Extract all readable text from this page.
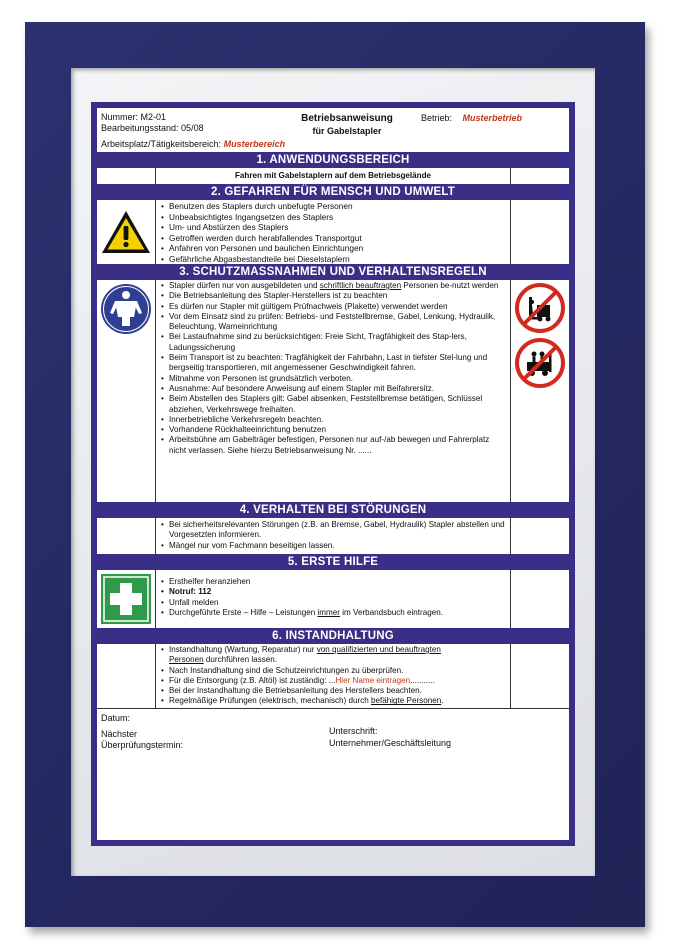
Nummer: M2-01
Bearbeitungsstand: 05/08
Betriebsanweisung
für Gabelstapler
Betrieb: Musterbetrieb
Arbeitsplatz/Tätigkeitsbereich: Musterbereich
1. ANWENDUNGSBEREICH
Fahren mit Gabelstaplern auf dem Betriebsgelände
2. GEFAHREN FÜR MENSCH UND UMWELT
• Benutzen des Staplers durch unbefugte Personen
• Unbeabsichtigtes Ingangsetzen des Staplers
• Um- und Abstürzen des Staplers
• Getroffen werden durch herabfallendes Transportgut
• Anfahren von Personen und baulichen Einrichtungen
• Gefährliche Abgasbestandteile bei Dieselstaplern
3. SCHUTZMASSNAHMEN UND VERHALTENSREGELN
• Stapler dürfen nur von ausgebildeten und schriftlich beauftragten Personen be-nutzt werden
• Die Betriebsanleitung des Stapler-Herstellers ist zu beachten
• Es dürfen nur Stapler mit gültigem Prüfnachweis (Plakette) verwendet werden
• Vor dem Einsatz sind zu prüfen: Betriebs- und Feststellbremse, Gabel, Lenkung, Hydraulik, Beleuchtung, Warneinrichtung
• Bei Lastaufnahme sind zu berücksichtigen: Freie Sicht, Tragfähigkeit des Stap-lers, Ladungssicherung
• Beim Transport ist zu beachten: Tragfähigkeit der Fahrbahn, Last in tiefster Stel-lung und bergseitig transportieren, mit angemessener Geschwindigkeit fahren.
• Mitnahme von Personen ist grundsätzlich verboten.
• Ausnahme: Auf besondere Anweisung auf einem Stapler mit Beifahrersitz.
• Beim Abstellen des Staplers gilt: Gabel absenken, Feststellbremse betätigen, Schlüssel abziehen, Verkehrswege freihalten.
• Innerbetriebliche Verkehrsregeln beachten.
• Vorhandene Rückhalteeinrichtung benutzen
• Arbeitsbühne am Gabelträger befestigen, Personen nur auf-/ab bewegen und Fahrerplatz nicht verlassen. Siehe hierzu Betriebsanweisung Nr. ......
4. VERHALTEN BEI STÖRUNGEN
• Bei sicherheitsrelevanten Störungen (z.B. an Bremse, Gabel, Hydraulik) Stapler abstellen und Vorgesetzten informieren.
• Mängel nur vom Fachmann beseitigen lassen.
5. ERSTE HILFE
• Ersthelfer heranziehen
• Notruf: 112
• Unfall melden
• Durchgeführte Erste – Hilfe – Leistungen immer im Verbandsbuch eintragen.
6. INSTANDHALTUNG
• Instandhaltung (Wartung, Reparatur) nur von qualifizierten und beauftragten
Personen durchführen lassen.
• Nach Instandhaltung sind die Schutzeinrichtungen zu überprüfen.
• Für die Entsorgung (z.B. Altöl) ist zuständig: ...Hier Name eintragen...........
• Bei der Instandhaltung die Betriebsanleitung des Herstellers beachten.
• Regelmäßige Prüfungen (elektrisch, mechanisch) durch befähigte Personen.
Datum:
Nächster
Überprüfungstermin:
Unterschrift:
Unternehmer/Geschäftsleitung
